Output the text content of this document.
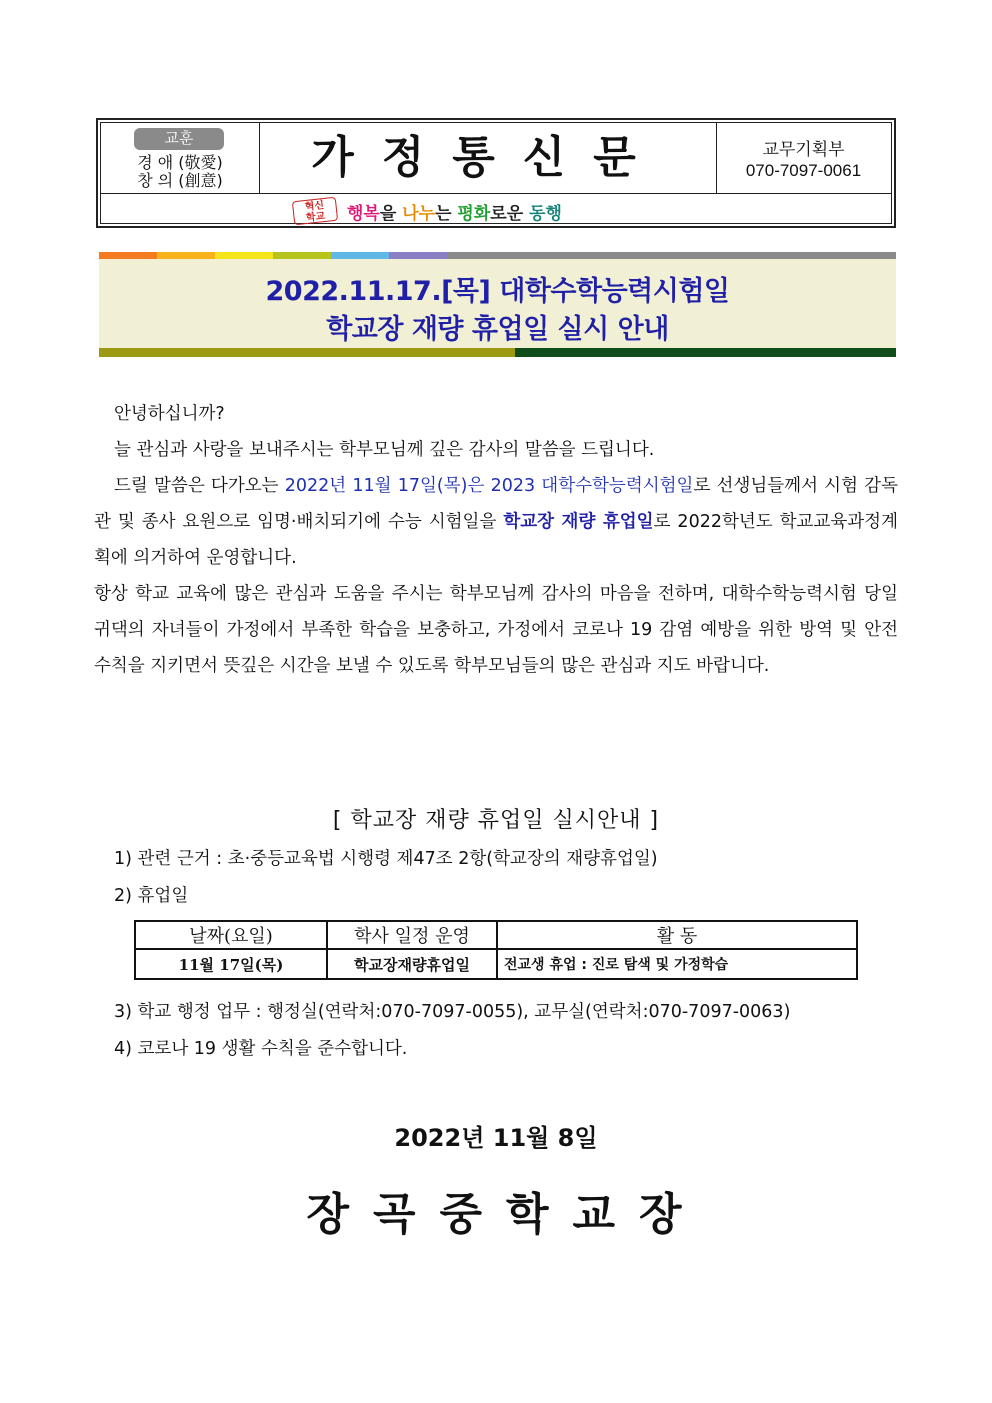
교훈
경 애 (敬愛)
창 의 (創意)	가정통신문	교무기획부
070-7097-0061
혁신
학교	행복 을 나누 는 평화 로운 동행
2022.11.17.[목] 대학수학능력시험일
학교장 재량 휴업일 실시 안내
안녕하십니까?
늘 관심과 사랑을 보내주시는 학부모님께 깊은 감사의 말씀을 드립니다.
드릴 말씀은 다가오는 2022년 11월 17일(목)은 2023 대학수학능력시험일로 선생님들께서 시험 감독관 및 종사 요원으로 임명·배치되기에 수능 시험일을 학교장 재량 휴업일로 2022학년도 학교교육과정계획에 의거하여 운영합니다.
항상 학교 교육에 많은 관심과 도움을 주시는 학부모님께 감사의 마음을 전하며, 대학수학능력시험 당일 귀댁의 자녀들이 가정에서 부족한 학습을 보충하고, 가정에서 코로나 19 감염 예방을 위한 방역 및 안전 수칙을 지키면서 뜻깊은 시간을 보낼 수 있도록 학부모님들의 많은 관심과 지도 바랍니다.
[ 학교장 재량 휴업일 실시안내 ]
1) 관련 근거 : 초·중등교육법 시행령 제47조 2항(학교장의 재량휴업일)
2) 휴업일
날짜(요일)	학사 일정 운영	활 동
11월 17일(목)	학교장재량휴업일	전교생 휴업 : 진로 탐색 및 가정학습
3) 학교 행정 업무 : 행정실(연락처:070-7097-0055), 교무실(연락처:070-7097-0063)
4) 코로나 19 생활 수칙을 준수합니다.
2022년 11월 8일
장곡중학교장
